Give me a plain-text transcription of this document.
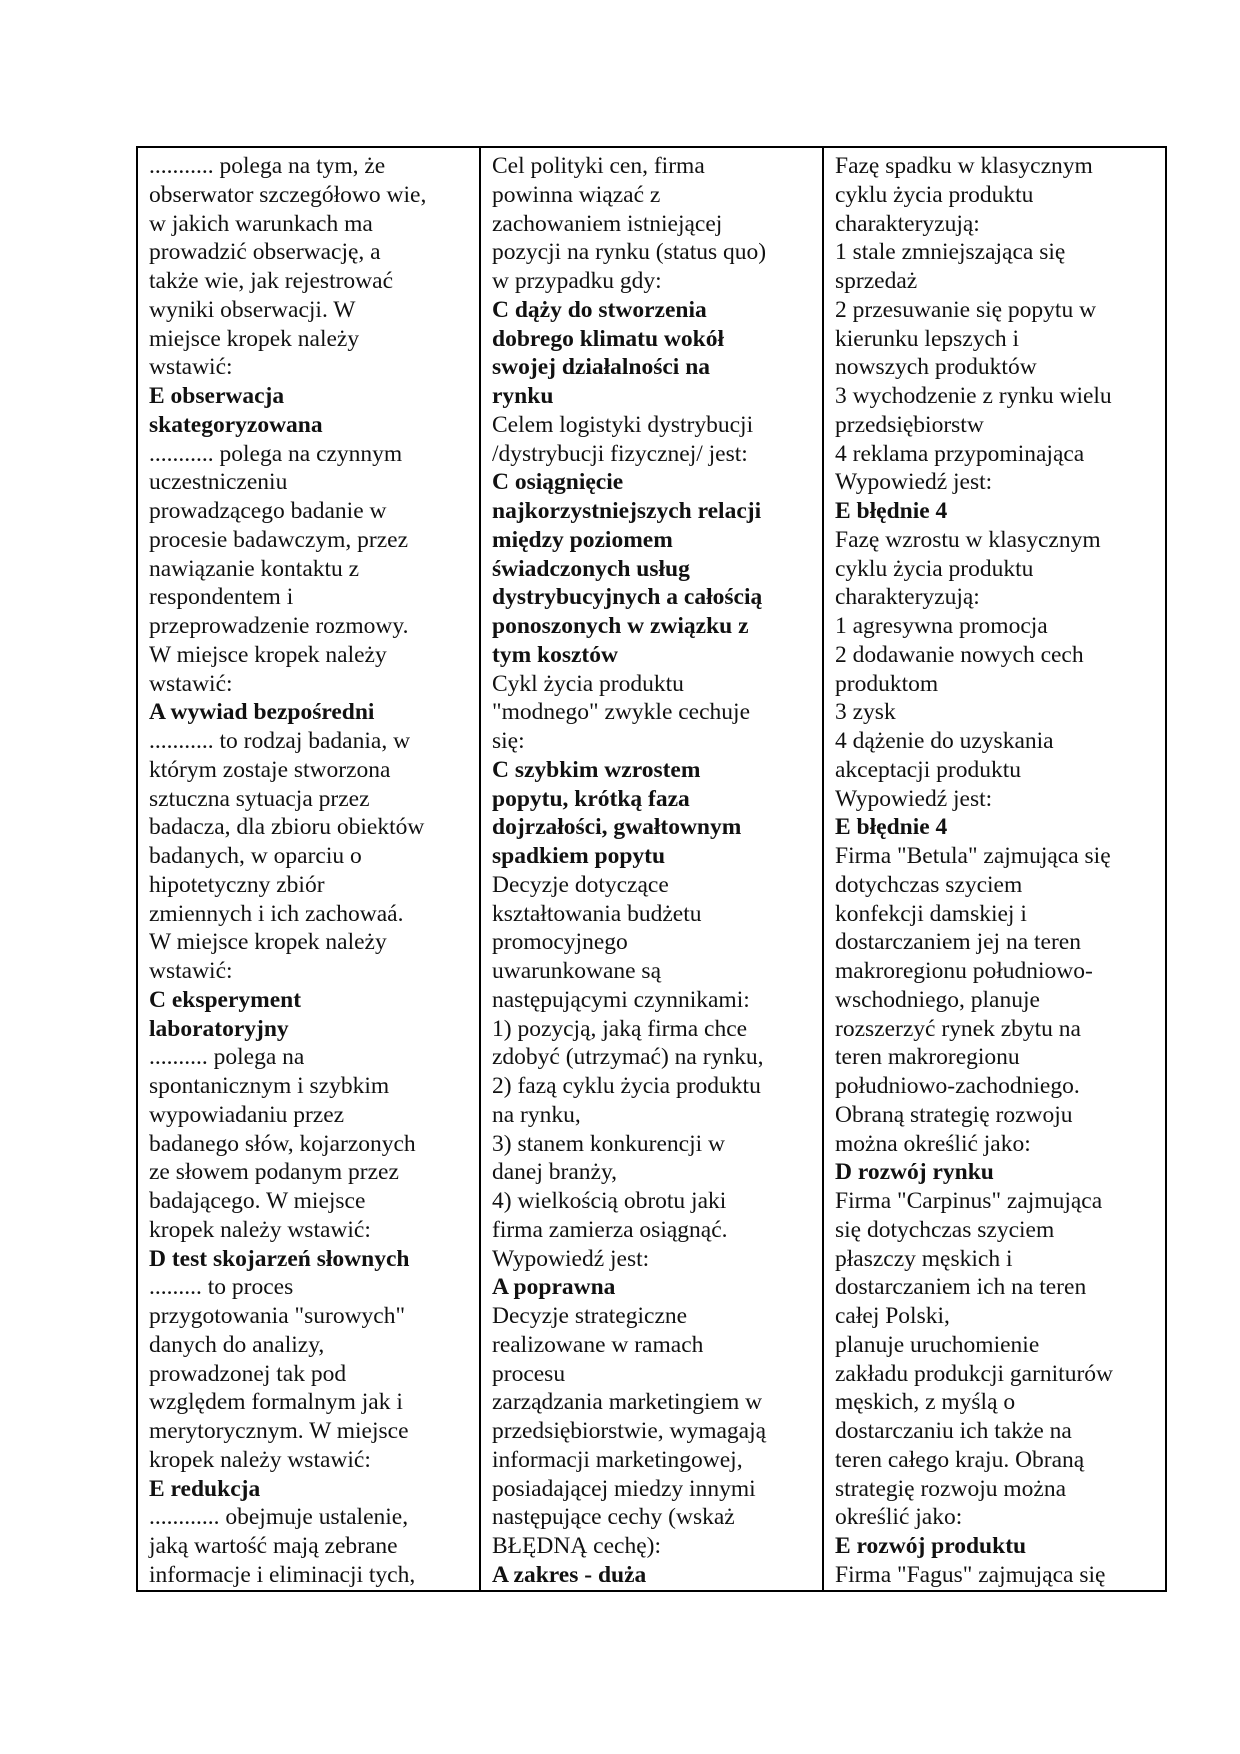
........... polega na tym, że
obserwator szczegółowo wie,
w jakich warunkach ma
prowadzić obserwację, a
także wie, jak rejestrować
wyniki obserwacji. W
miejsce kropek należy
wstawić:
E obserwacja
skategoryzowana
........... polega na czynnym
uczestniczeniu
prowadzącego badanie w
procesie badawczym, przez
nawiązanie kontaktu z
respondentem i
przeprowadzenie rozmowy.
W miejsce kropek należy
wstawić:
A wywiad bezpośredni
........... to rodzaj badania, w
którym zostaje stworzona
sztuczna sytuacja przez
badacza, dla zbioru obiektów
badanych, w oparciu o
hipotetyczny zbiór
zmiennych i ich zachowaá.
W miejsce kropek należy
wstawić:
C eksperyment
laboratoryjny
.......... polega na
spontanicznym i szybkim
wypowiadaniu przez
badanego słów, kojarzonych
ze słowem podanym przez
badającego. W miejsce
kropek należy wstawić:
D test skojarzeń słownych
......... to proces
przygotowania "surowych"
danych do analizy,
prowadzonej tak pod
względem formalnym jak i
merytorycznym. W miejsce
kropek należy wstawić:
E redukcja
............ obejmuje ustalenie,
jaką wartość mają zebrane
informacje i eliminacji tych,

Cel polityki cen, firma
powinna wiązać z
zachowaniem istniejącej
pozycji na rynku (status quo)
w przypadku gdy:
C dąży do stworzenia
dobrego klimatu wokół
swojej działalności na
rynku
Celem logistyki dystrybucji
/dystrybucji fizycznej/ jest:
C osiągnięcie
najkorzystniejszych relacji
między poziomem
świadczonych usług
dystrybucyjnych a całością
ponoszonych w związku z
tym kosztów
Cykl życia produktu
"modnego" zwykle cechuje
się:
C szybkim wzrostem
popytu, krótką faza
dojrzałości, gwałtownym
spadkiem popytu
Decyzje dotyczące
kształtowania budżetu
promocyjnego
uwarunkowane są
następującymi czynnikami:
1) pozycją, jaką firma chce
zdobyć (utrzymać) na rynku,
2) fazą cyklu życia produktu
na rynku,
3) stanem konkurencji w
danej branży,
4) wielkością obrotu jaki
firma zamierza osiągnąć.
Wypowiedź jest:
A poprawna
Decyzje strategiczne
realizowane w ramach
procesu
zarządzania marketingiem w
przedsiębiorstwie, wymagają
informacji marketingowej,
posiadającej miedzy innymi
następujące cechy (wskaż
BŁĘDNĄ cechę):
A zakres - duża

Fazę spadku w klasycznym
cyklu życia produktu
charakteryzują:
1 stale zmniejszająca się
sprzedaż
2 przesuwanie się popytu w
kierunku lepszych i
nowszych produktów
3 wychodzenie z rynku wielu
przedsiębiorstw
4 reklama przypominająca
Wypowiedź jest:
E błędnie 4
Fazę wzrostu w klasycznym
cyklu życia produktu
charakteryzują:
1 agresywna promocja
2 dodawanie nowych cech
produktom
3 zysk
4 dążenie do uzyskania
akceptacji produktu
Wypowiedź jest:
E błędnie 4
Firma "Betula" zajmująca się
dotychczas szyciem
konfekcji damskiej i
dostarczaniem jej na teren
makroregionu południowo-
wschodniego, planuje
rozszerzyć rynek zbytu na
teren makroregionu
południowo-zachodniego.
Obraną strategię rozwoju
można określić jako:
D rozwój rynku
Firma "Carpinus" zajmująca
się dotychczas szyciem
płaszczy męskich i
dostarczaniem ich na teren
całej Polski,
planuje uruchomienie
zakładu produkcji garniturów
męskich, z myślą o
dostarczaniu ich także na
teren całego kraju. Obraną
strategię rozwoju można
określić jako:
E rozwój produktu
Firma "Fagus" zajmująca się
